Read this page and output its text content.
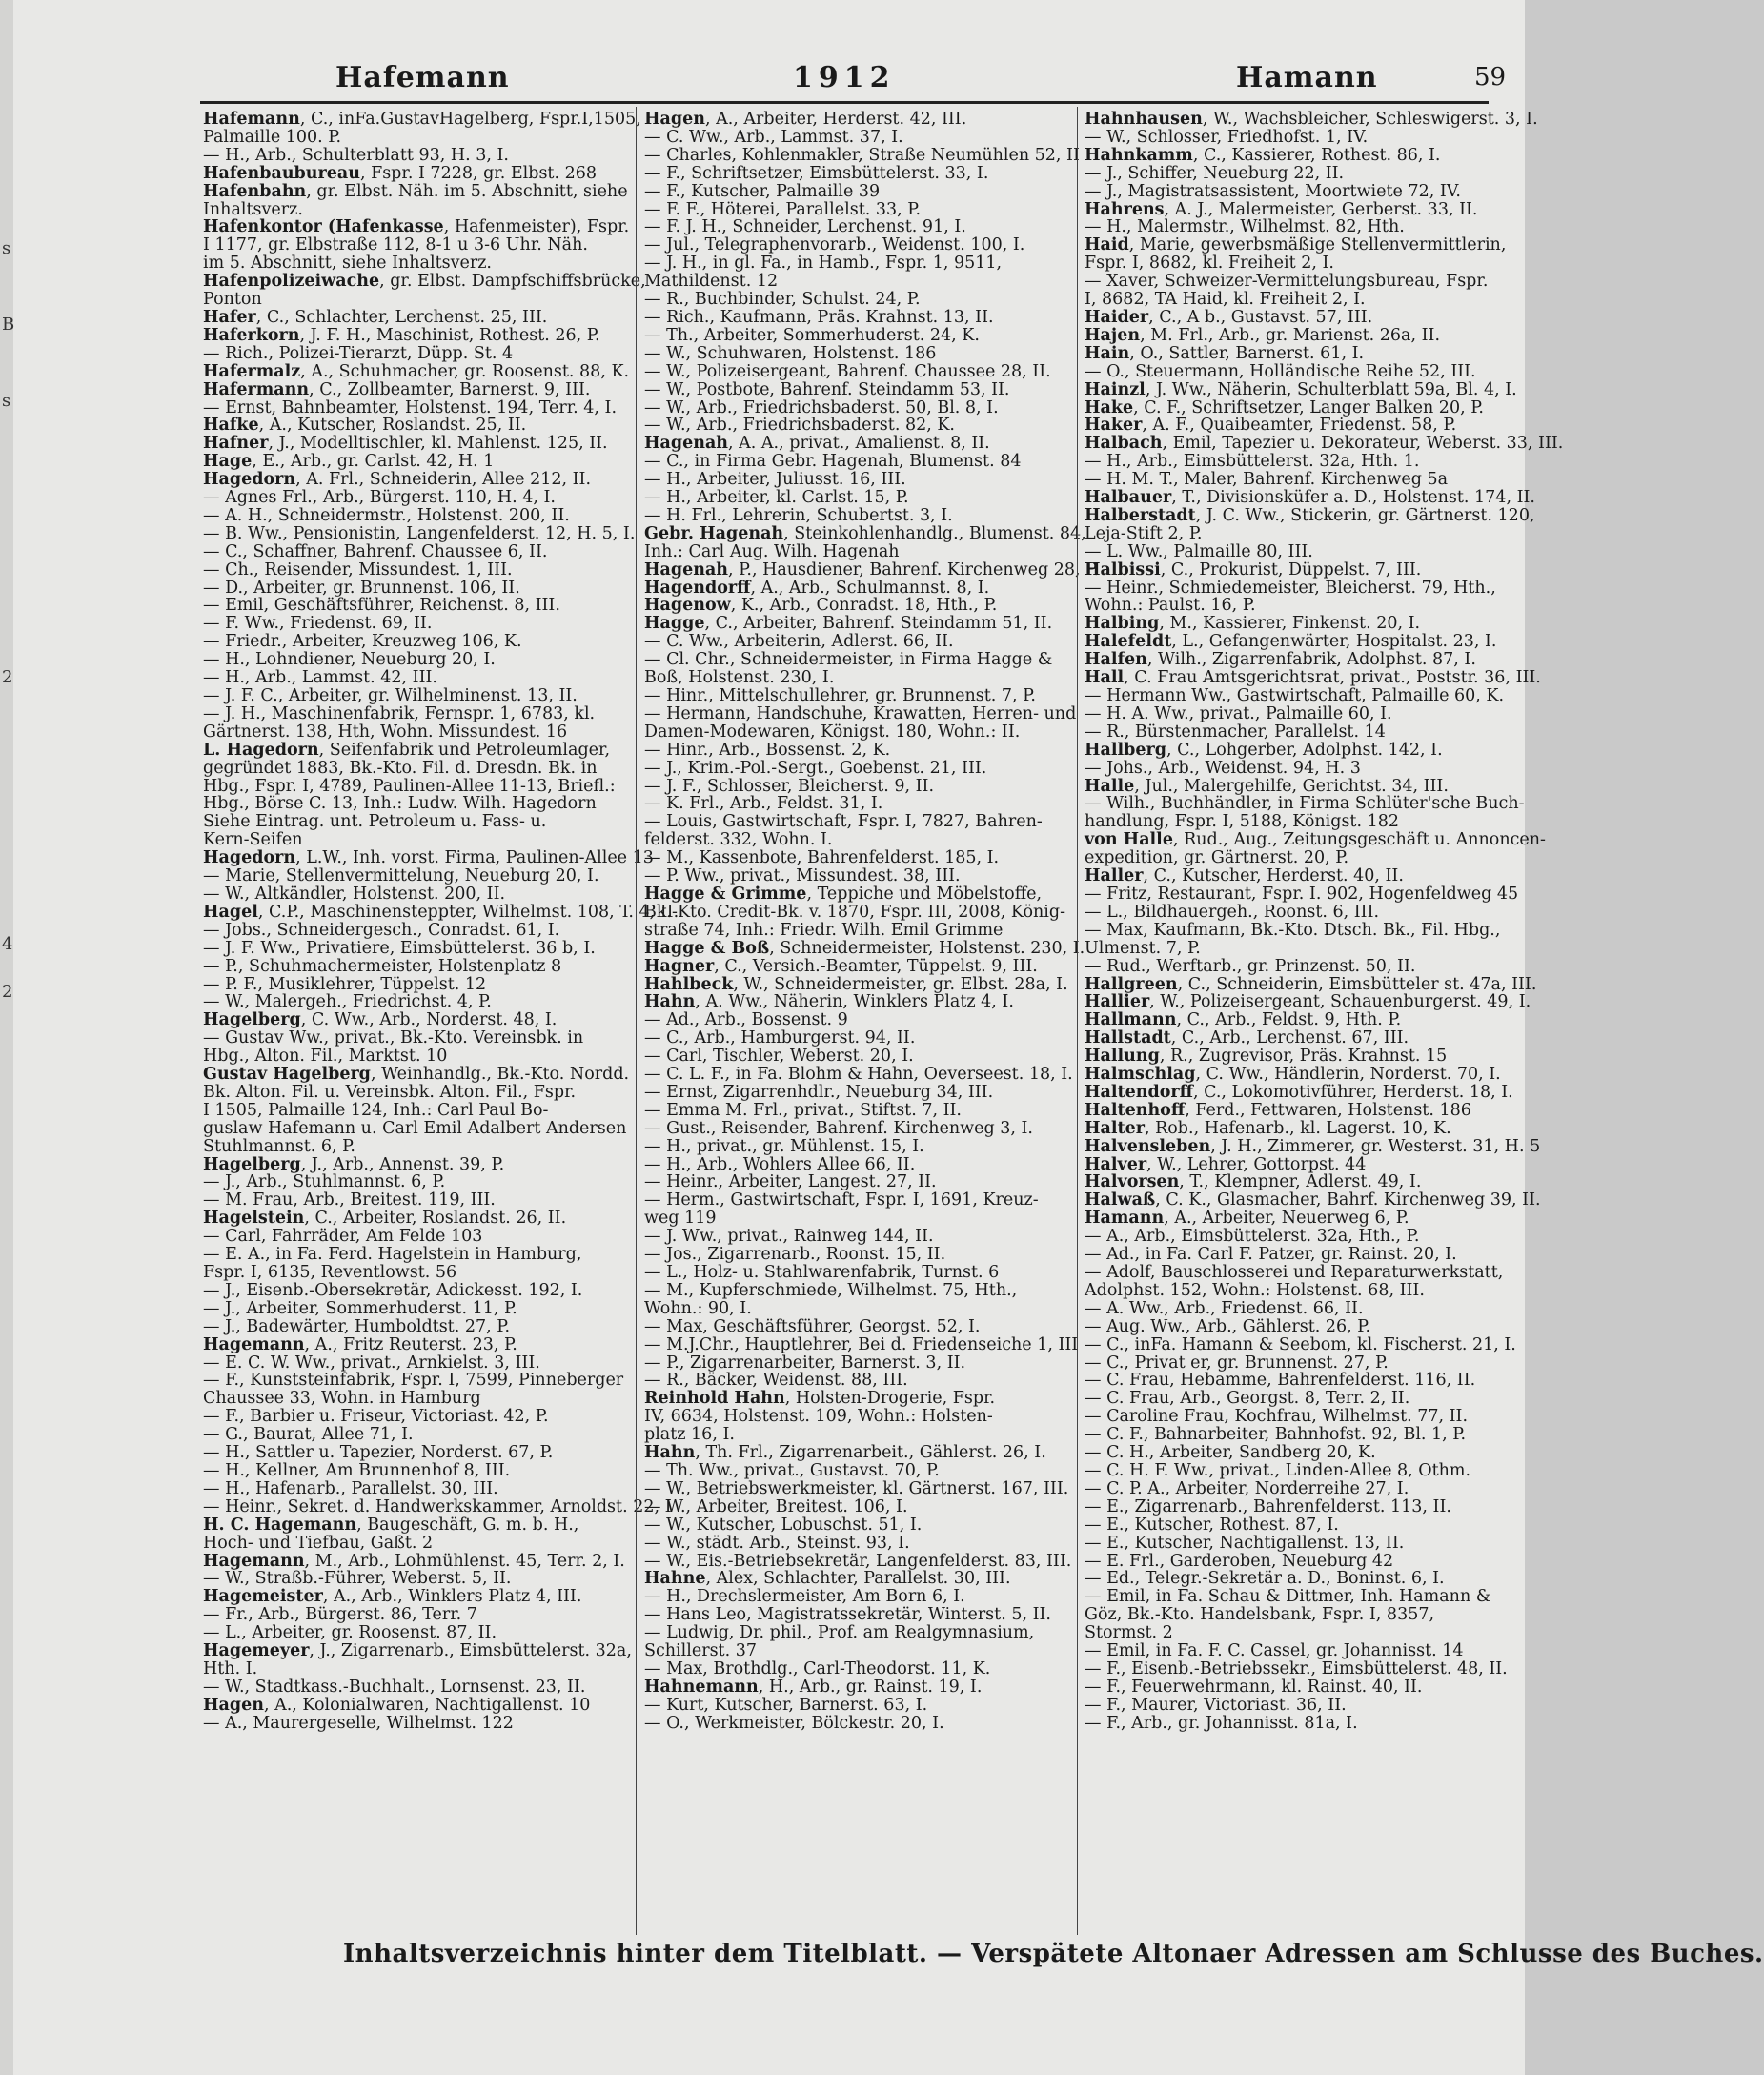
s
B
s
2
4
2
Hafemann	1912	Hamann	59
Hafemann, C., inFa.GustavHagelberg, Fspr.I,1505,
Palmaille 100. P.
— H., Arb., Schulterblatt 93, H. 3, I.
Hafenbaubureau, Fspr. I 7228, gr. Elbst. 268
Hafenbahn, gr. Elbst. Näh. im 5. Abschnitt, siehe
Inhaltsverz.
Hafenkontor (Hafenkasse, Hafenmeister), Fspr.
I 1177, gr. Elbstraße 112, 8-1 u 3-6 Uhr. Näh.
im 5. Abschnitt, siehe Inhaltsverz.
Hafenpolizeiwache, gr. Elbst. Dampfschiffsbrücke,
Ponton
Hafer, C., Schlachter, Lerchenst. 25, III.
Haferkorn, J. F. H., Maschinist, Rothest. 26, P.
— Rich., Polizei-Tierarzt, Düpp. St. 4
Hafermalz, A., Schuhmacher, gr. Roosenst. 88, K.
Hafermann, C., Zollbeamter, Barnerst. 9, III.
— Ernst, Bahnbeamter, Holstenst. 194, Terr. 4, I.
Hafke, A., Kutscher, Roslandst. 25, II.
Hafner, J., Modelltischler, kl. Mahlenst. 125, II.
Hage, E., Arb., gr. Carlst. 42, H. 1
Hagedorn, A. Frl., Schneiderin, Allee 212, II.
— Agnes Frl., Arb., Bürgerst. 110, H. 4, I.
— A. H., Schneidermstr., Holstenst. 200, II.
— B. Ww., Pensionistin, Langenfelderst. 12, H. 5, I.
— C., Schaffner, Bahrenf. Chaussee 6, II.
— Ch., Reisender, Missundest. 1, III.
— D., Arbeiter, gr. Brunnenst. 106, II.
— Emil, Geschäftsführer, Reichenst. 8, III.
— F. Ww., Friedenst. 69, II.
— Friedr., Arbeiter, Kreuzweg 106, K.
— H., Lohndiener, Neueburg 20, I.
— H., Arb., Lammst. 42, III.
— J. F. C., Arbeiter, gr. Wilhelminenst. 13, II.
— J. H., Maschinenfabrik, Fernspr. 1, 6783, kl.
Gärtnerst. 138, Hth, Wohn. Missundest. 16
L. Hagedorn, Seifenfabrik und Petroleumlager,
gegründet 1883, Bk.-Kto. Fil. d. Dresdn. Bk. in
Hbg., Fspr. I, 4789, Paulinen-Allee 11-13, Briefl.:
Hbg., Börse C. 13, Inh.: Ludw. Wilh. Hagedorn
Siehe Eintrag. unt. Petroleum u. Fass- u.
Kern-Seifen
Hagedorn, L.W., Inh. vorst. Firma, Paulinen-Allee 13
— Marie, Stellenvermittelung, Neueburg 20, I.
— W., Altkändler, Holstenst. 200, II.
Hagel, C.P., Maschinensteppter, Wilhelmst. 108, T. 4, II.
— Jobs., Schneidergesch., Conradst. 61, I.
— J. F. Ww., Privatiere, Eimsbüttelerst. 36 b, I.
— P., Schuhmachermeister, Holstenplatz 8
— P. F., Musiklehrer, Tüppelst. 12
— W., Malergeh., Friedrichst. 4, P.
Hagelberg, C. Ww., Arb., Norderst. 48, I.
— Gustav Ww., privat., Bk.-Kto. Vereinsbk. in
Hbg., Alton. Fil., Marktst. 10
Gustav Hagelberg, Weinhandlg., Bk.-Kto. Nordd.
Bk. Alton. Fil. u. Vereinsbk. Alton. Fil., Fspr.
I 1505, Palmaille 124, Inh.: Carl Paul Bo-
guslaw Hafemann u. Carl Emil Adalbert Andersen
Stuhlmannst. 6, P.
Hagelberg, J., Arb., Annenst. 39, P.
— J., Arb., Stuhlmannst. 6, P.
— M. Frau, Arb., Breitest. 119, III.
Hagelstein, C., Arbeiter, Roslandst. 26, II.
— Carl, Fahrräder, Am Felde 103
— E. A., in Fa. Ferd. Hagelstein in Hamburg,
Fspr. I, 6135, Reventlowst. 56
— J., Eisenb.-Obersekretär, Adickesst. 192, I.
— J., Arbeiter, Sommerhuderst. 11, P.
— J., Badewärter, Humboldtst. 27, P.
Hagemann, A., Fritz Reuterst. 23, P.
— E. C. W. Ww., privat., Arnkielst. 3, III.
— F., Kunststeinfabrik, Fspr. I, 7599, Pinneberger
Chaussee 33, Wohn. in Hamburg
— F., Barbier u. Friseur, Victoriast. 42, P.
— G., Baurat, Allee 71, I.
— H., Sattler u. Tapezier, Norderst. 67, P.
— H., Kellner, Am Brunnenhof 8, III.
— H., Hafenarb., Parallelst. 30, III.
— Heinr., Sekret. d. Handwerkskammer, Arnoldst. 22, I
H. C. Hagemann, Baugeschäft, G. m. b. H.,
Hoch- und Tiefbau, Gaßt. 2
Hagemann, M., Arb., Lohmühlenst. 45, Terr. 2, I.
— W., Straßb.-Führer, Weberst. 5, II.
Hagemeister, A., Arb., Winklers Platz 4, III.
— Fr., Arb., Bürgerst. 86, Terr. 7
— L., Arbeiter, gr. Roosenst. 87, II.
Hagemeyer, J., Zigarrenarb., Eimsbüttelerst. 32a,
Hth. I.
— W., Stadtkass.-Buchhalt., Lornsenst. 23, II.
Hagen, A., Kolonialwaren, Nachtigallenst. 10
— A., Maurergeselle, Wilhelmst. 122
Hagen, A., Arbeiter, Herderst. 42, III.
— C. Ww., Arb., Lammst. 37, I.
— Charles, Kohlenmakler, Straße Neumühlen 52, II
— F., Schriftsetzer, Eimsbüttelerst. 33, I.
— F., Kutscher, Palmaille 39
— F. F., Höterei, Parallelst. 33, P.
— F. J. H., Schneider, Lerchenst. 91, I.
— Jul., Telegraphenvorarb., Weidenst. 100, I.
— J. H., in gl. Fa., in Hamb., Fspr. 1, 9511,
Mathildenst. 12
— R., Buchbinder, Schulst. 24, P.
— Rich., Kaufmann, Präs. Krahnst. 13, II.
— Th., Arbeiter, Sommerhuderst. 24, K.
— W., Schuhwaren, Holstenst. 186
— W., Polizeisergeant, Bahrenf. Chaussee 28, II.
— W., Postbote, Bahrenf. Steindamm 53, II.
— W., Arb., Friedrichsbaderst. 50, Bl. 8, I.
— W., Arb., Friedrichsbaderst. 82, K.
Hagenah, A. A., privat., Amalienst. 8, II.
— C., in Firma Gebr. Hagenah, Blumenst. 84
— H., Arbeiter, Juliusst. 16, III.
— H., Arbeiter, kl. Carlst. 15, P.
— H. Frl., Lehrerin, Schubertst. 3, I.
Gebr. Hagenah, Steinkohlenhandlg., Blumenst. 84,
Inh.: Carl Aug. Wilh. Hagenah
Hagenah, P., Hausdiener, Bahrenf. Kirchenweg 28, P.
Hagendorff, A., Arb., Schulmannst. 8, I.
Hagenow, K., Arb., Conradst. 18, Hth., P.
Hagge, C., Arbeiter, Bahrenf. Steindamm 51, II.
— C. Ww., Arbeiterin, Adlerst. 66, II.
— Cl. Chr., Schneidermeister, in Firma Hagge &
Boß, Holstenst. 230, I.
— Hinr., Mittelschullehrer, gr. Brunnenst. 7, P.
— Hermann, Handschuhe, Krawatten, Herren- und
Damen-Modewaren, Königst. 180, Wohn.: II.
— Hinr., Arb., Bossenst. 2, K.
— J., Krim.-Pol.-Sergt., Goebenst. 21, III.
— J. F., Schlosser, Bleicherst. 9, II.
— K. Frl., Arb., Feldst. 31, I.
— Louis, Gastwirtschaft, Fspr. I, 7827, Bahren-
felderst. 332, Wohn. I.
— M., Kassenbote, Bahrenfelderst. 185, I.
— P. Ww., privat., Missundest. 38, III.
Hagge & Grimme, Teppiche und Möbelstoffe,
Bk.-Kto. Credit-Bk. v. 1870, Fspr. III, 2008, König-
straße 74, Inh.: Friedr. Wilh. Emil Grimme
Hagge & Boß, Schneidermeister, Holstenst. 230, I.
Hagner, C., Versich.-Beamter, Tüppelst. 9, III.
Hahlbeck, W., Schneidermeister, gr. Elbst. 28a, I.
Hahn, A. Ww., Näherin, Winklers Platz 4, I.
— Ad., Arb., Bossenst. 9
— C., Arb., Hamburgerst. 94, II.
— Carl, Tischler, Weberst. 20, I.
— C. L. F., in Fa. Blohm & Hahn, Oeverseest. 18, I.
— Ernst, Zigarrenhdlr., Neueburg 34, III.
— Emma M. Frl., privat., Stiftst. 7, II.
— Gust., Reisender, Bahrenf. Kirchenweg 3, I.
— H., privat., gr. Mühlenst. 15, I.
— H., Arb., Wohlers Allee 66, II.
— Heinr., Arbeiter, Langest. 27, II.
— Herm., Gastwirtschaft, Fspr. I, 1691, Kreuz-
weg 119
— J. Ww., privat., Rainweg 144, II.
— Jos., Zigarrenarb., Roonst. 15, II.
— L., Holz- u. Stahlwarenfabrik, Turnst. 6
— M., Kupferschmiede, Wilhelmst. 75, Hth.,
Wohn.: 90, I.
— Max, Geschäftsführer, Georgst. 52, I.
— M.J.Chr., Hauptlehrer, Bei d. Friedenseiche 1, III
— P., Zigarrenarbeiter, Barnerst. 3, II.
— R., Bäcker, Weidenst. 88, III.
Reinhold Hahn, Holsten-Drogerie, Fspr.
IV, 6634, Holstenst. 109, Wohn.: Holsten-
platz 16, I.
Hahn, Th. Frl., Zigarrenarbeit., Gählerst. 26, I.
— Th. Ww., privat., Gustavst. 70, P.
— W., Betriebswerkmeister, kl. Gärtnerst. 167, III.
— W., Arbeiter, Breitest. 106, I.
— W., Kutscher, Lobuschst. 51, I.
— W., städt. Arb., Steinst. 93, I.
— W., Eis.-Betriebsekretär, Langenfelderst. 83, III.
Hahne, Alex, Schlachter, Parallelst. 30, III.
— H., Drechslermeister, Am Born 6, I.
— Hans Leo, Magistratssekretär, Winterst. 5, II.
— Ludwig, Dr. phil., Prof. am Realgymnasium,
Schillerst. 37
— Max, Brothdlg., Carl-Theodorst. 11, K.
Hahnemann, H., Arb., gr. Rainst. 19, I.
— Kurt, Kutscher, Barnerst. 63, I.
— O., Werkmeister, Bölckestr. 20, I.
Hahnhausen, W., Wachsbleicher, Schleswigerst. 3, I.
— W., Schlosser, Friedhofst. 1, IV.
Hahnkamm, C., Kassierer, Rothest. 86, I.
— J., Schiffer, Neueburg 22, II.
— J., Magistratsassistent, Moortwiete 72, IV.
Hahrens, A. J., Malermeister, Gerberst. 33, II.
— H., Malermstr., Wilhelmst. 82, Hth.
Haid, Marie, gewerbsmäßige Stellenvermittlerin,
Fspr. I, 8682, kl. Freiheit 2, I.
— Xaver, Schweizer-Vermittelungsbureau, Fspr.
I, 8682, TA Haid, kl. Freiheit 2, I.
Haider, C., A b., Gustavst. 57, III.
Hajen, M. Frl., Arb., gr. Marienst. 26a, II.
Hain, O., Sattler, Barnerst. 61, I.
— O., Steuermann, Holländische Reihe 52, III.
Hainzl, J. Ww., Näherin, Schulterblatt 59a, Bl. 4, I.
Hake, C. F., Schriftsetzer, Langer Balken 20, P.
Haker, A. F., Quaibeamter, Friedenst. 58, P.
Halbach, Emil, Tapezier u. Dekorateur, Weberst. 33, III.
— H., Arb., Eimsbüttelerst. 32a, Hth. 1.
— H. M. T., Maler, Bahrenf. Kirchenweg 5a
Halbauer, T., Divisionsküfer a. D., Holstenst. 174, II.
Halberstadt, J. C. Ww., Stickerin, gr. Gärtnerst. 120,
Leja-Stift 2, P.
— L. Ww., Palmaille 80, III.
Halbissi, C., Prokurist, Düppelst. 7, III.
— Heinr., Schmiedemeister, Bleicherst. 79, Hth.,
Wohn.: Paulst. 16, P.
Halbing, M., Kassierer, Finkenst. 20, I.
Halefeldt, L., Gefangenwärter, Hospitalst. 23, I.
Halfen, Wilh., Zigarrenfabrik, Adolphst. 87, I.
Hall, C. Frau Amtsgerichtsrat, privat., Poststr. 36, III.
— Hermann Ww., Gastwirtschaft, Palmaille 60, K.
— H. A. Ww., privat., Palmaille 60, I.
— R., Bürstenmacher, Parallelst. 14
Hallberg, C., Lohgerber, Adolphst. 142, I.
— Johs., Arb., Weidenst. 94, H. 3
Halle, Jul., Malergehilfe, Gerichtst. 34, III.
— Wilh., Buchhändler, in Firma Schlüter'sche Buch-
handlung, Fspr. I, 5188, Königst. 182
von Halle, Rud., Aug., Zeitungsgeschäft u. Annoncen-
expedition, gr. Gärtnerst. 20, P.
Haller, C., Kutscher, Herderst. 40, II.
— Fritz, Restaurant, Fspr. I. 902, Hogenfeldweg 45
— L., Bildhauergeh., Roonst. 6, III.
— Max, Kaufmann, Bk.-Kto. Dtsch. Bk., Fil. Hbg.,
Ulmenst. 7, P.
— Rud., Werftarb., gr. Prinzenst. 50, II.
Hallgreen, C., Schneiderin, Eimsbütteler st. 47a, III.
Hallier, W., Polizeisergeant, Schauenburgerst. 49, I.
Hallmann, C., Arb., Feldst. 9, Hth. P.
Hallstadt, C., Arb., Lerchenst. 67, III.
Hallung, R., Zugrevisor, Präs. Krahnst. 15
Halmschlag, C. Ww., Händlerin, Norderst. 70, I.
Haltendorff, C., Lokomotivführer, Herderst. 18, I.
Haltenhoff, Ferd., Fettwaren, Holstenst. 186
Halter, Rob., Hafenarb., kl. Lagerst. 10, K.
Halvensleben, J. H., Zimmerer, gr. Westerst. 31, H. 5
Halver, W., Lehrer, Gottorpst. 44
Halvorsen, T., Klempner, Adlerst. 49, I.
Halwaß, C. K., Glasmacher, Bahrf. Kirchenweg 39, II.
Hamann, A., Arbeiter, Neuerweg 6, P.
— A., Arb., Eimsbüttelerst. 32a, Hth., P.
— Ad., in Fa. Carl F. Patzer, gr. Rainst. 20, I.
— Adolf, Bauschlosserei und Reparaturwerkstatt,
Adolphst. 152, Wohn.: Holstenst. 68, III.
— A. Ww., Arb., Friedenst. 66, II.
— Aug. Ww., Arb., Gählerst. 26, P.
— C., inFa. Hamann & Seebom, kl. Fischerst. 21, I.
— C., Privat er, gr. Brunnenst. 27, P.
— C. Frau, Hebamme, Bahrenfelderst. 116, II.
— C. Frau, Arb., Georgst. 8, Terr. 2, II.
— Caroline Frau, Kochfrau, Wilhelmst. 77, II.
— C. F., Bahnarbeiter, Bahnhofst. 92, Bl. 1, P.
— C. H., Arbeiter, Sandberg 20, K.
— C. H. F. Ww., privat., Linden-Allee 8, Othm.
— C. P. A., Arbeiter, Norderreihe 27, I.
— E., Zigarrenarb., Bahrenfelderst. 113, II.
— E., Kutscher, Rothest. 87, I.
— E., Kutscher, Nachtigallenst. 13, II.
— E. Frl., Garderoben, Neueburg 42
— Ed., Telegr.-Sekretär a. D., Boninst. 6, I.
— Emil, in Fa. Schau & Dittmer, Inh. Hamann &
Göz, Bk.-Kto. Handelsbank, Fspr. I, 8357,
Stormst. 2
— Emil, in Fa. F. C. Cassel, gr. Johannisst. 14
— F., Eisenb.-Betriebssekr., Eimsbüttelerst. 48, II.
— F., Feuerwehrmann, kl. Rainst. 40, II.
— F., Maurer, Victoriast. 36, II.
— F., Arb., gr. Johannisst. 81a, I.
Inhaltsverzeichnis hinter dem Titelblatt. — Verspätete Altonaer Adressen am Schlusse des Buches.
